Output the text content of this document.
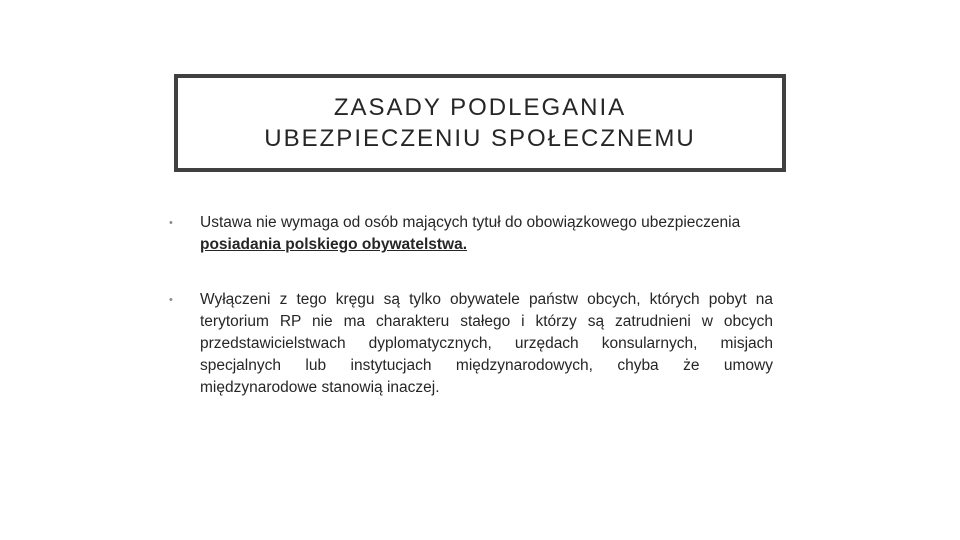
ZASADY PODLEGANIA
UBEZPIECZENIU SPOŁECZNEMU
• Ustawa nie wymaga od osób mających tytuł do obowiązkowego ubezpieczenia posiadania polskiego obywatelstwa.
• Wyłączeni z tego kręgu są tylko obywatele państw obcych, których pobyt na terytorium RP nie ma charakteru stałego i którzy są zatrudnieni w obcych przedstawicielstwach dyplomatycznych, urzędach konsularnych, misjach specjalnych lub instytucjach międzynarodowych, chyba że umowy międzynarodowe stanowią inaczej.
